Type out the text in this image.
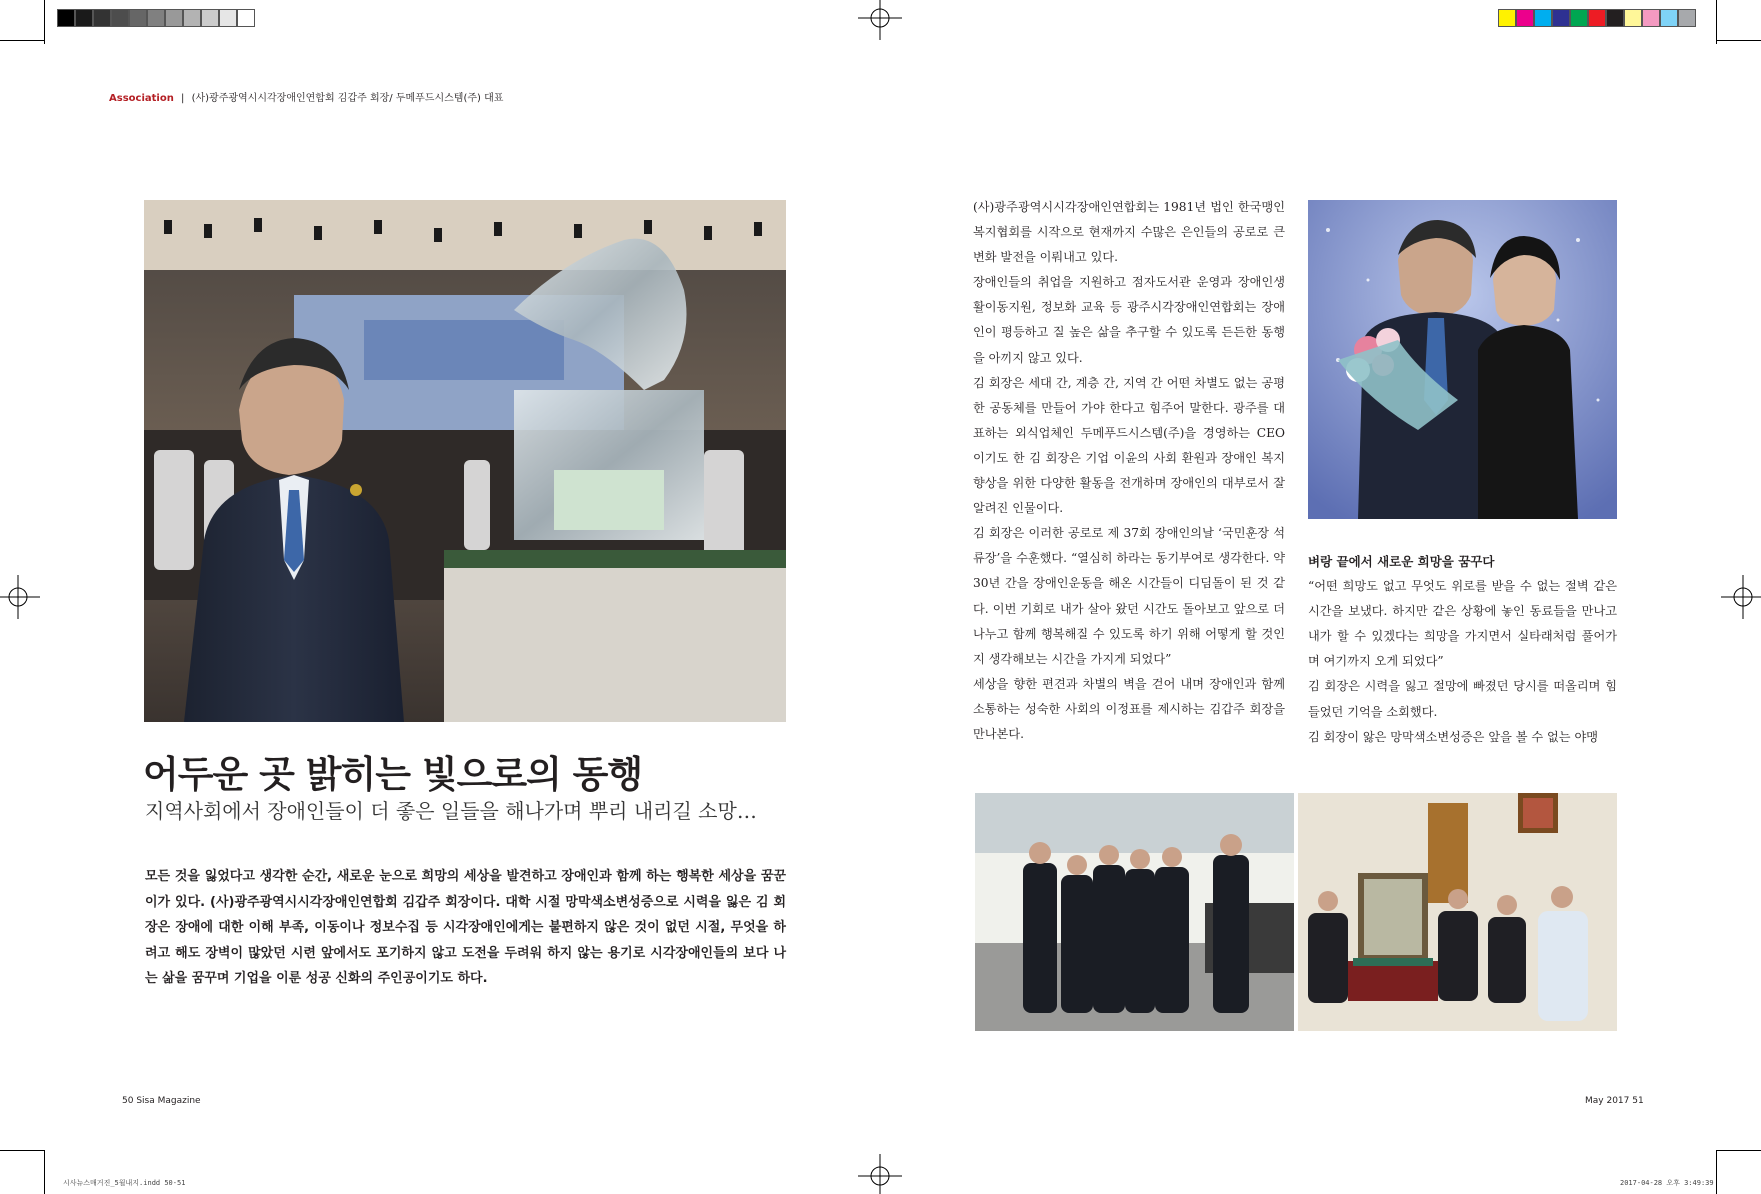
Association | (사)광주광역시시각장애인연합회 김갑주 회장/ 두메푸드시스템(주) 대표
어두운 곳 밝히는 빛으로의 동행
지역사회에서 장애인들이 더 좋은 일들을 해나가며 뿌리 내리길 소망…
모든 것을 잃었다고 생각한 순간, 새로운 눈으로 희망의 세상을 발견하고 장애인과 함께 하는 행복한 세상을 꿈꾼 이가 있다. (사)광주광역시시각장애인연합회 김갑주 회장이다. 대학 시절 망막색소변성증으로 시력을 잃은 김 회장은 장애에 대한 이해 부족, 이동이나 정보수집 등 시각장애인에게는 불편하지 않은 것이 없던 시절, 무엇을 하려고 해도 장벽이 많았던 시련 앞에서도 포기하지 않고 도전을 두려워 하지 않는 용기로 시각장애인들의 보다 나는 삶을 꿈꾸며 기업을 이룬 성공 신화의 주인공이기도 하다.

(사)광주광역시시각장애인연합회는 1981년 법인 한국맹인복지협회를 시작으로 현재까지 수많은 은인들의 공로로 큰 변화 발전을 이뤄내고 있다.

장애인들의 취업을 지원하고 점자도서관 운영과 장애인생활이동지원, 정보화 교육 등 광주시각장애인연합회는 장애인이 평등하고 질 높은 삶을 추구할 수 있도록 든든한 동행을 아끼지 않고 있다.

김 회장은 세대 간, 계층 간, 지역 간 어떤 차별도 없는 공평한 공동체를 만들어 가야 한다고 힘주어 말한다. 광주를 대표하는 외식업체인 두메푸드시스템(주)을 경영하는 CEO 이기도 한 김 회장은 기업 이윤의 사회 환원과 장애인 복지향상을 위한 다양한 활동을 전개하며 장애인의 대부로서 잘 알려진 인물이다.

김 회장은 이러한 공로로 제 37회 장애인의날 ‘국민훈장 석류장’을 수훈했다. “열심히 하라는 동기부여로 생각한다. 약 30년 간을 장애인운동을 해온 시간들이 디딤돌이 된 것 같다. 이번 기회로 내가 살아 왔던 시간도 돌아보고 앞으로 더 나누고 함께 행복해질 수 있도록 하기 위해 어떻게 할 것인지 생각해보는 시간을 가지게 되었다”

세상을 향한 편견과 차별의 벽을 걷어 내며 장애인과 함께 소통하는 성숙한 사회의 이정표를 제시하는 김갑주 회장을 만나본다.

벼랑 끝에서 새로운 희망을 꿈꾸다

“어떤 희망도 없고 무엇도 위로를 받을 수 없는 절벽 같은 시간을 보냈다. 하지만 같은 상황에 놓인 동료들을 만나고 내가 할 수 있겠다는 희망을 가지면서 실타래처럼 풀어가며 여기까지 오게 되었다”

김 회장은 시력을 잃고 절망에 빠졌던 당시를 떠올리며 힘들었던 기억을 소회했다.

김 회장이 앓은 망막색소변성증은 앞을 볼 수 없는 야맹

50 Sisa Magazine	May 2017 51
시사뉴스매거진_5월내지.indd 50-51	2017-04-28 오후 3:49:39
